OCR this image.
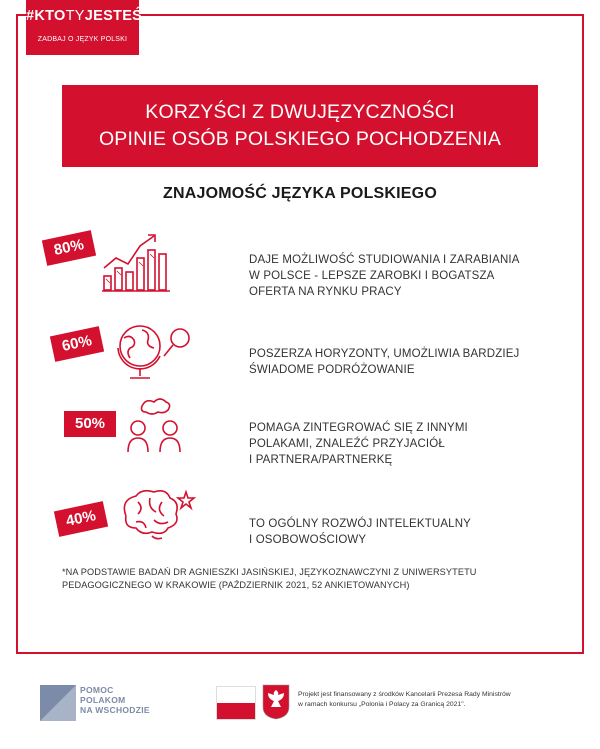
#KTOTYJESTEŚ
ZADBAJ O JĘZYK POLSKI
KORZYŚCI Z DWUJĘZYCZNOŚCI
OPINIE OSÓB POLSKIEGO POCHODZENIA
ZNAJOMOŚĆ JĘZYKA POLSKIEGO
80%
DAJE MOŻLIWOŚĆ STUDIOWANIA I ZARABIANIA
W POLSCE - LEPSZE ZAROBKI I BOGATSZA
OFERTA NA RYNKU PRACY
60%	POSZERZA HORYZONTY, UMOŻLIWIA BARDZIEJ
ŚWIADOME PODRÓŻOWANIE
50%	POMAGA ZINTEGROWAĆ SIĘ Z INNYMI
POLAKAMI, ZNALEŹĆ PRZYJACIÓŁ
I PARTNERA/PARTNERKĘ
40%	TO OGÓLNY ROZWÓJ INTELEKTUALNY
I OSOBOWOŚCIOWY
*NA PODSTAWIE BADAŃ DR AGNIESZKI JASIŃSKIEJ, JĘZYKOZNAWCZYNI Z UNIWERSYTETU PEDAGOGICZNEGO W KRAKOWIE (PAŹDZIERNIK 2021, 52 ANKIETOWANYCH)
POMOC
POLAKOM
NA WSCHODZIE
Projekt jest finansowany z środków Kancelarii Prezesa Rady Ministrów
w ramach konkursu „Polonia i Polacy za Granicą 2021".
